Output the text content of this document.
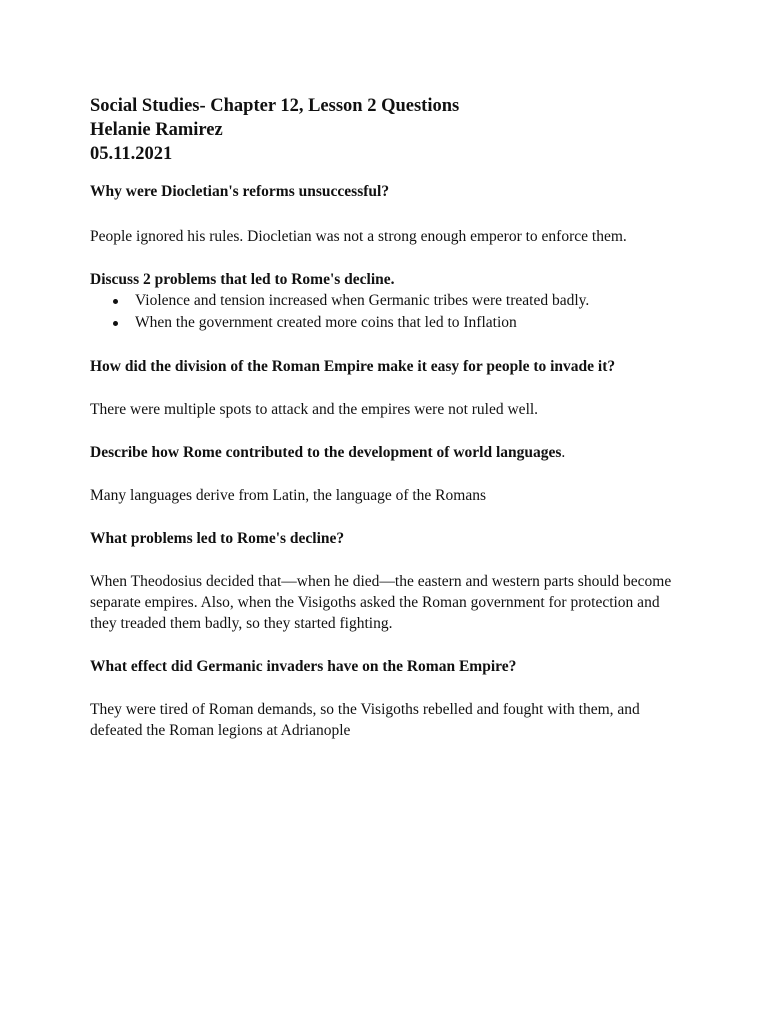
Social Studies- Chapter 12, Lesson 2 Questions

Helanie Ramirez

05.11.2021

Why were Diocletian's reforms unsuccessful?

People ignored his rules. Diocletian was not a strong enough emperor to enforce them.

Discuss 2 problems that led to Rome's decline.

Violence and tension increased when Germanic tribes were treated badly.
When the government created more coins that led to Inflation

How did the division of the Roman Empire make it easy for people to invade it?

There were multiple spots to attack and the empires were not ruled well.

Describe how Rome contributed to the development of world languages.

Many languages derive from Latin, the language of the Romans

What problems led to Rome's decline?

When Theodosius decided that—when he died—the eastern and western parts should become separate empires. Also, when the Visigoths asked the Roman government for protection and they treaded them badly, so they started fighting.

What effect did Germanic invaders have on the Roman Empire?

They were tired of Roman demands, so the Visigoths rebelled and fought with them, and defeated the Roman legions at Adrianople
